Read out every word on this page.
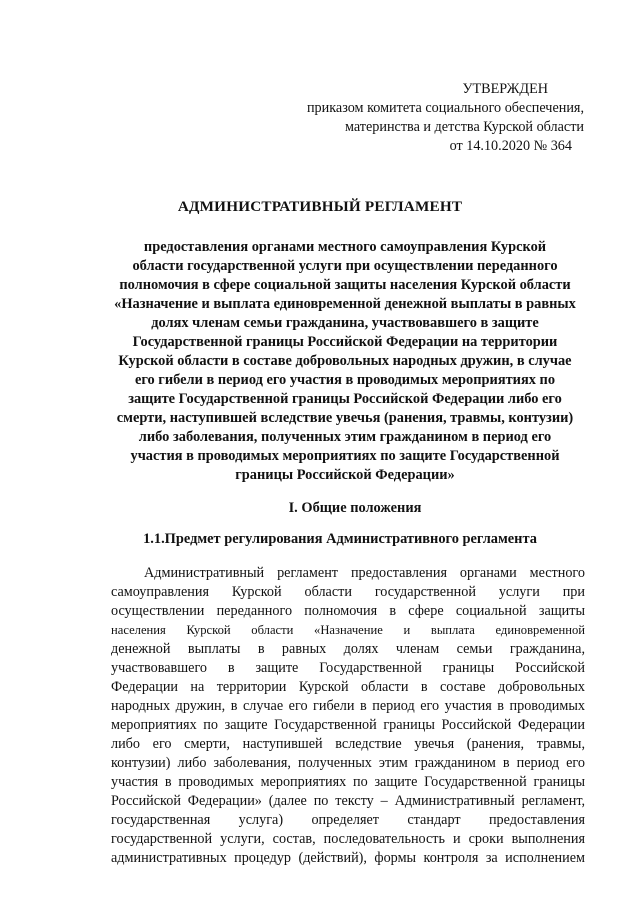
УТВЕРЖДЕН
приказом комитета социального обеспечения,
материнства и детства Курской области
от 14.10.2020 № 364
АДМИНИСТРАТИВНЫЙ РЕГЛАМЕНТ
предоставления органами местного самоуправления Курской
области государственной услуги при осуществлении переданного
полномочия в сфере социальной защиты населения Курской области
«Назначение и выплата единовременной денежной выплаты в равных
долях членам семьи гражданина, участвовавшего в защите
Государственной границы Российской Федерации на территории
Курской области в составе добровольных народных дружин, в случае
его гибели в период его участия в проводимых мероприятиях по
защите Государственной границы Российской Федерации либо его
смерти, наступившей вследствие увечья (ранения, травмы, контузии)
либо заболевания, полученных этим гражданином в период его
участия в проводимых мероприятиях по защите Государственной
границы Российской Федерации»
I. Общие положения
1.1.Предмет регулирования Административного регламента
Административный регламент предоставления органами местного
самоуправления Курской области государственной услуги при
осуществлении переданного полномочия в сфере социальной защиты
населения Курской области «Назначение и выплата единовременной
денежной выплаты в равных долях членам семьи гражданина,
участвовавшего в защите Государственной границы Российской
Федерации на территории Курской области в составе добровольных
народных дружин, в случае его гибели в период его участия в проводимых
мероприятиях по защите Государственной границы Российской Федерации
либо его смерти, наступившей вследствие увечья (ранения, травмы,
контузии) либо заболевания, полученных этим гражданином в период его
участия в проводимых мероприятиях по защите Государственной границы
Российской Федерации» (далее по тексту – Административный регламент,
государственная услуга) определяет стандарт предоставления
государственной услуги, состав, последовательность и сроки выполнения
административных процедур (действий), формы контроля за исполнением
